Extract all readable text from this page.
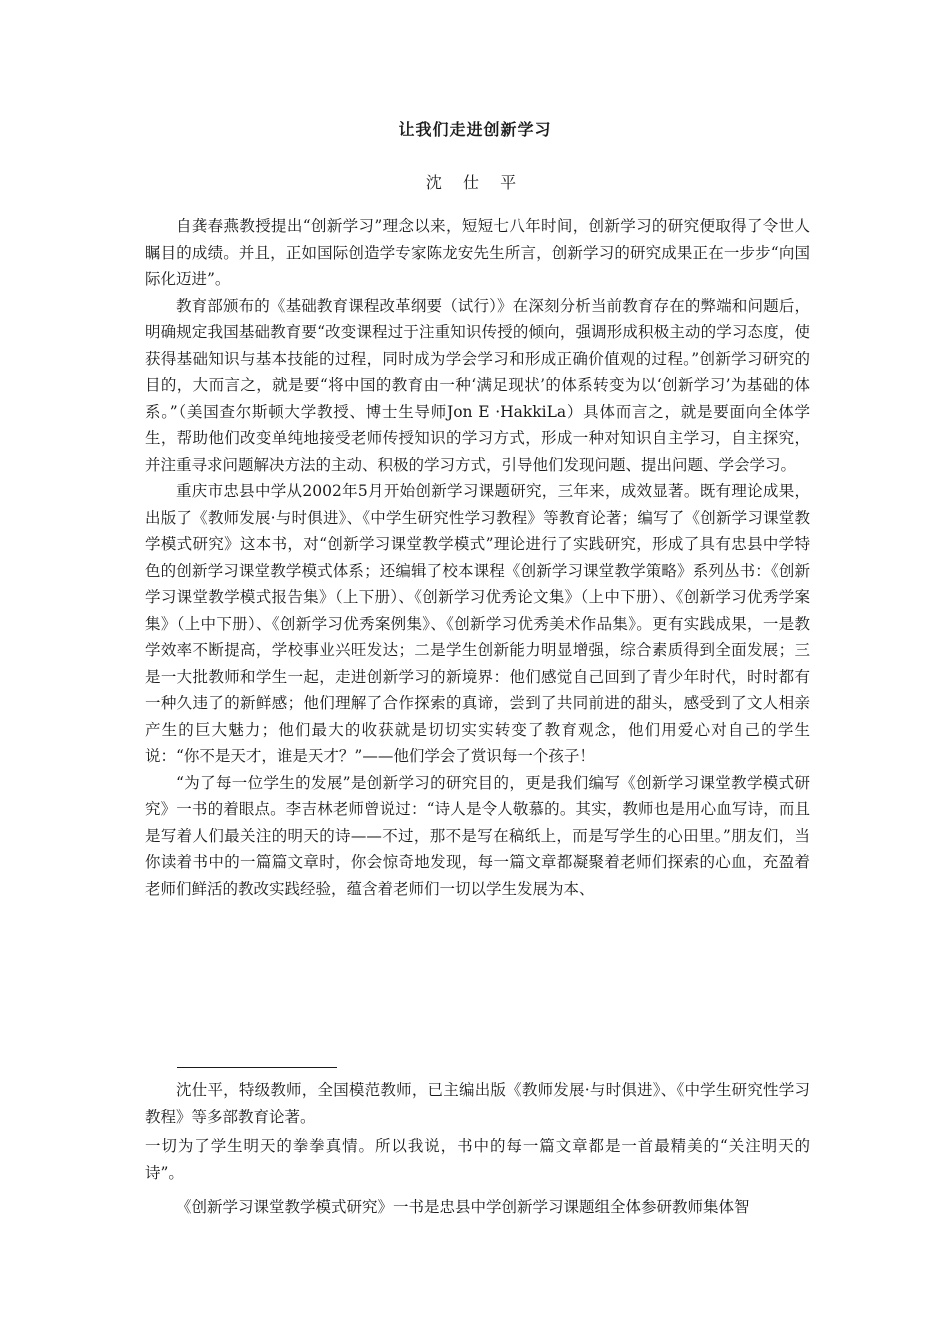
让我们走进创新学习
沈 仕 平

自龚春燕教授提出“创新学习”理念以来，短短七八年时间，创新学习的研究便取得了令世人瞩目的成绩。并且，正如国际创造学专家陈龙安先生所言，创新学习的研究成果正在一步步“向国际化迈进”。

教育部颁布的《基础教育课程改革纲要（试行）》在深刻分析当前教育存在的弊端和问题后，明确规定我国基础教育要“改变课程过于注重知识传授的倾向，强调形成积极主动的学习态度，使获得基础知识与基本技能的过程，同时成为学会学习和形成正确价值观的过程。”创新学习研究的目的，大而言之，就是要“将中国的教育由一种‘满足现状’的体系转变为以‘创新学习’为基础的体系。”（美国查尔斯顿大学教授、博士生导师Jon E ·HakkiLa）具体而言之，就是要面向全体学生，帮助他们改变单纯地接受老师传授知识的学习方式，形成一种对知识自主学习，自主探究，并注重寻求问题解决方法的主动、积极的学习方式，引导他们发现问题、提出问题、学会学习。

重庆市忠县中学从2002年5月开始创新学习课题研究，三年来，成效显著。既有理论成果，出版了《教师发展·与时俱进》、《中学生研究性学习教程》等教育论著；编写了《创新学习课堂教学模式研究》这本书，对“创新学习课堂教学模式”理论进行了实践研究，形成了具有忠县中学特色的创新学习课堂教学模式体系；还编辑了校本课程《创新学习课堂教学策略》系列丛书：《创新学习课堂教学模式报告集》（上下册）、《创新学习优秀论文集》（上中下册）、《创新学习优秀学案集》（上中下册）、《创新学习优秀案例集》、《创新学习优秀美术作品集》。更有实践成果，一是教学效率不断提高，学校事业兴旺发达；二是学生创新能力明显增强，综合素质得到全面发展；三是一大批教师和学生一起，走进创新学习的新境界：他们感觉自己回到了青少年时代，时时都有一种久违了的新鲜感；他们理解了合作探索的真谛，尝到了共同前进的甜头，感受到了文人相亲产生的巨大魅力；他们最大的收获就是切切实实转变了教育观念，他们用爱心对自己的学生说：“你不是天才，谁是天才？”——他们学会了赏识每一个孩子！

“为了每一位学生的发展”是创新学习的研究目的，更是我们编写《创新学习课堂教学模式研究》一书的着眼点。李吉林老师曾说过：“诗人是令人敬慕的。其实，教师也是用心血写诗，而且是写着人们最关注的明天的诗——不过，那不是写在稿纸上，而是写学生的心田里。”朋友们，当你读着书中的一篇篇文章时，你会惊奇地发现，每一篇文章都凝聚着老师们探索的心血，充盈着老师们鲜活的教改实践经验，蕴含着老师们一切以学生发展为本、

沈仕平，特级教师，全国模范教师，已主编出版《教师发展·与时俱进》、《中学生研究性学习教程》等多部教育论著。

一切为了学生明天的拳拳真情。所以我说，书中的每一篇文章都是一首最精美的“关注明天的诗”。

《创新学习课堂教学模式研究》一书是忠县中学创新学习课题组全体参研教师集体智
